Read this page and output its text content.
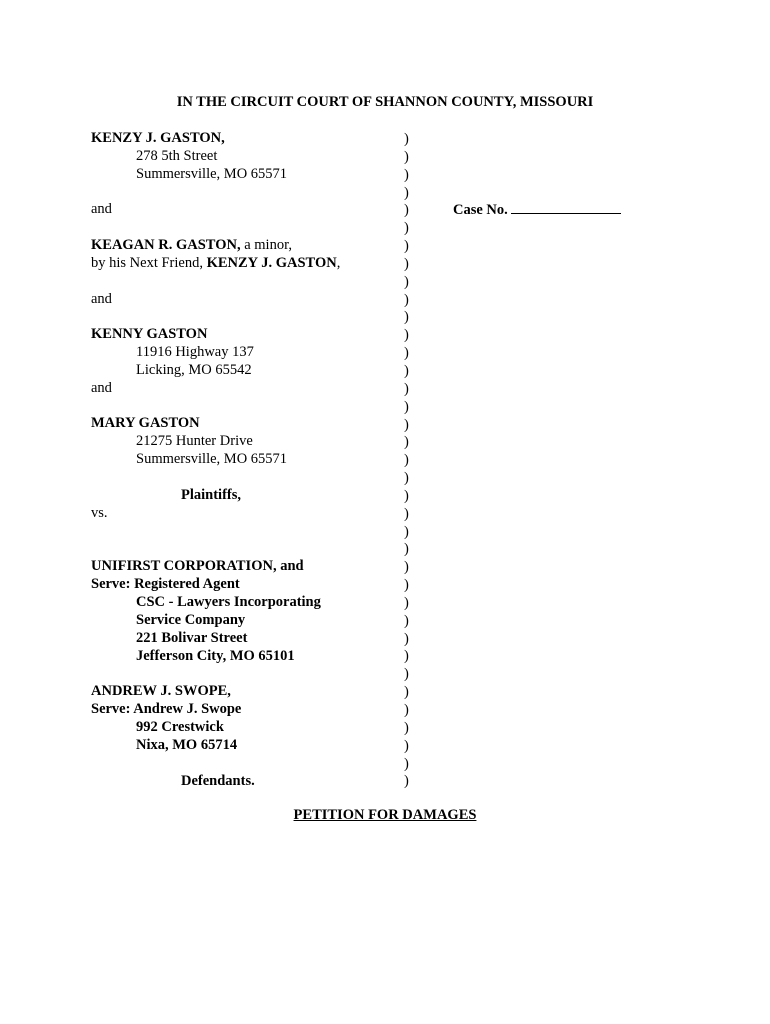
IN THE CIRCUIT COURT OF SHANNON COUNTY, MISSOURI
KENZY J. GASTON,
278 5th Street
Summersville, MO 65571
and
KEAGAN R. GASTON, a minor,
by his Next Friend, KENZY J. GASTON,
and
KENNY GASTON
11916 Highway 137
Licking, MO 65542
and
MARY GASTON
21275 Hunter Drive
Summersville, MO 65571
Plaintiffs,
vs.
UNIFIRST CORPORATION, and
Serve: Registered Agent
CSC - Lawyers Incorporating
Service Company
221 Bolivar Street
Jefferson City, MO 65101
ANDREW J. SWOPE,
Serve: Andrew J. Swope
992 Crestwick
Nixa, MO 65714
Defendants.
)
)
)
)
)
)
)
)
)
)
)
)
)
)
)
)
)
)
)
)
)
)
)
)
)
)
)
)
)
)
)
)
)
)
)
)
)
Case No.
PETITION FOR DAMAGES
